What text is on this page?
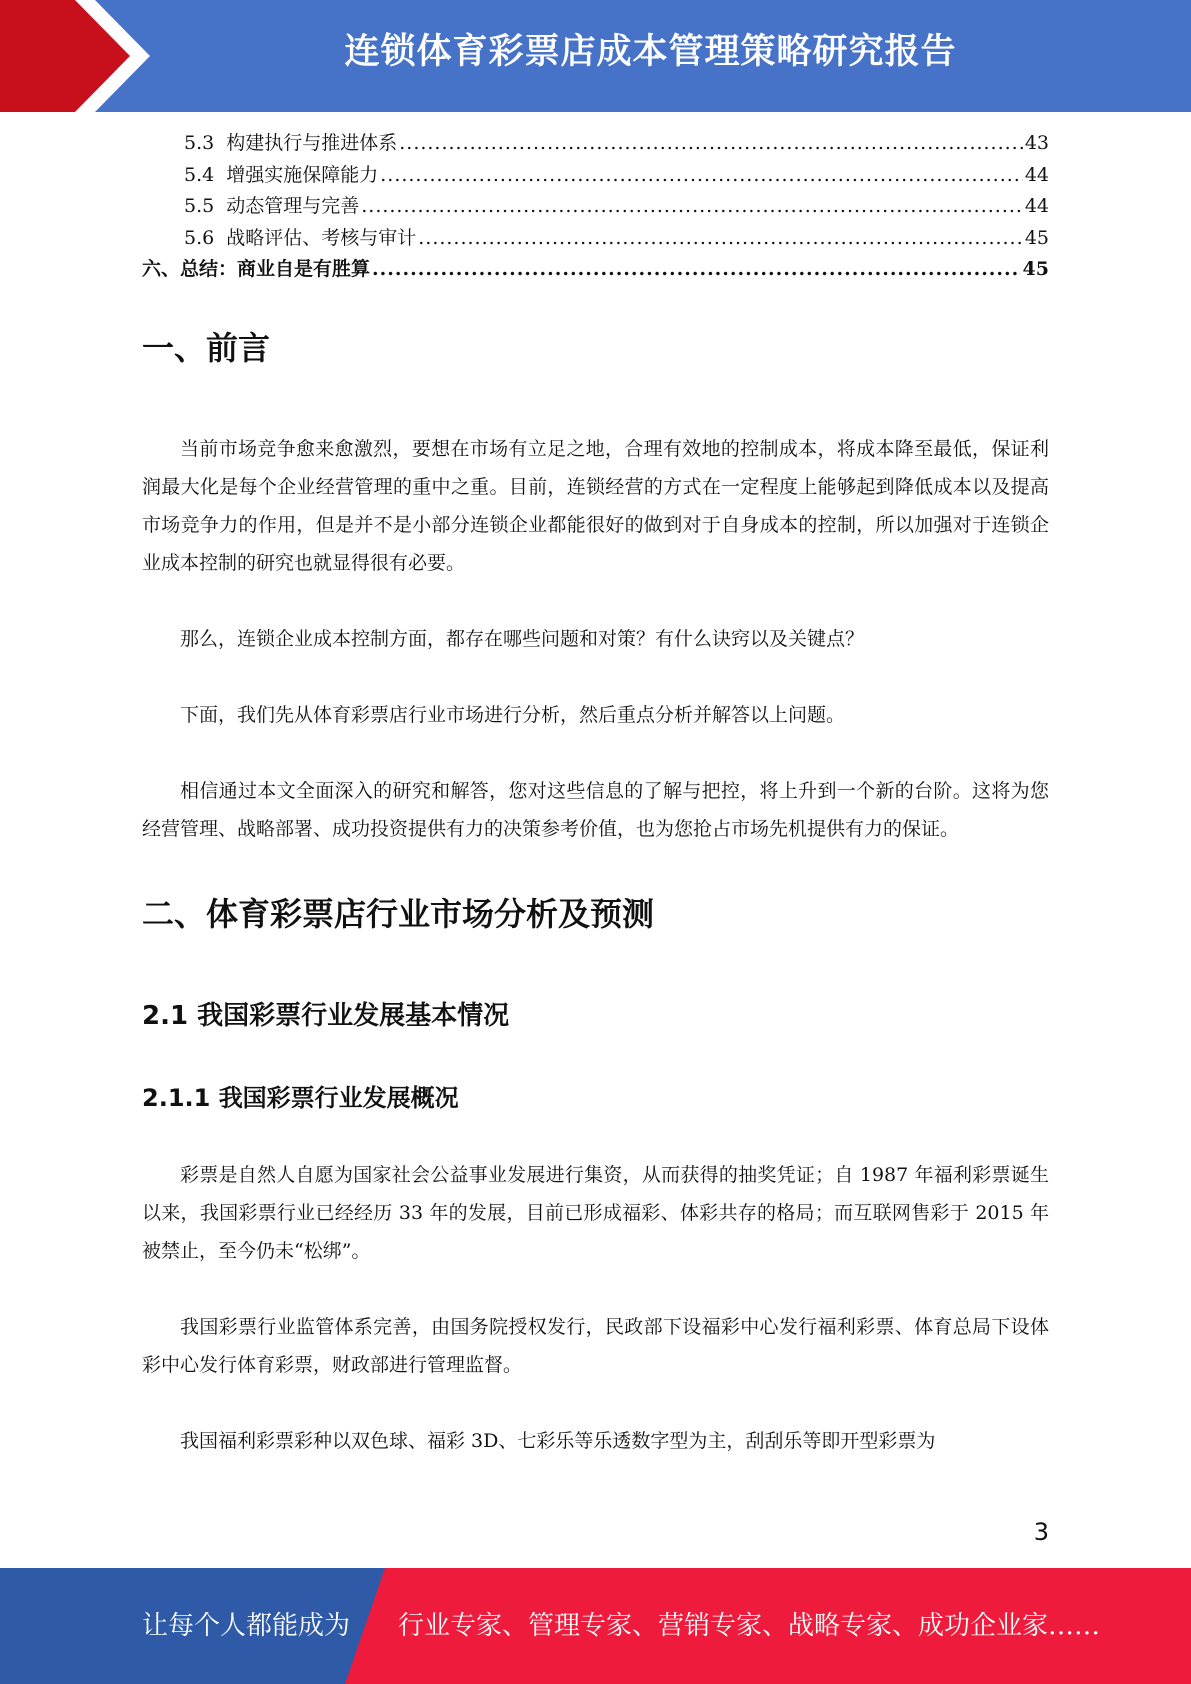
连锁体育彩票店成本管理策略研究报告
5.3 构建执行与推进体系 .....	43
5.4 增强实施保障能力 .....	44
5.5 动态管理与完善 .....	44
5.6 战略评估、考核与审计 .....	45
六、总结：商业自是有胜算 .....	45
一、前言

当前市场竞争愈来愈激烈，要想在市场有立足之地，合理有效地的控制成本，将成本降至最低，保证利润最大化是每个企业经营管理的重中之重。目前，连锁经营的方式在一定程度上能够起到降低成本以及提高市场竞争力的作用，但是并不是小部分连锁企业都能很好的做到对于自身成本的控制，所以加强对于连锁企业成本控制的研究也就显得很有必要。

那么，连锁企业成本控制方面，都存在哪些问题和对策？有什么诀窍以及关键点？

下面，我们先从体育彩票店行业市场进行分析，然后重点分析并解答以上问题。

相信通过本文全面深入的研究和解答，您对这些信息的了解与把控，将上升到一个新的台阶。这将为您经营管理、战略部署、成功投资提供有力的决策参考价值，也为您抢占市场先机提供有力的保证。

二、体育彩票店行业市场分析及预测
2.1 我国彩票行业发展基本情况
2.1.1 我国彩票行业发展概况

彩票是自然人自愿为国家社会公益事业发展进行集资，从而获得的抽奖凭证；自 1987 年福利彩票诞生以来，我国彩票行业已经经历 33 年的发展，目前已形成福彩、体彩共存的格局；而互联网售彩于 2015 年被禁止，至今仍未“松绑”。

我国彩票行业监管体系完善，由国务院授权发行，民政部下设福彩中心发行福利彩票、体育总局下设体彩中心发行体育彩票，财政部进行管理监督。

我国福利彩票彩种以双色球、福彩 3D、七彩乐等乐透数字型为主，刮刮乐等即开型彩票为

3
让每个人都能成为 行业专家、管理专家、营销专家、战略专家、成功企业家……
